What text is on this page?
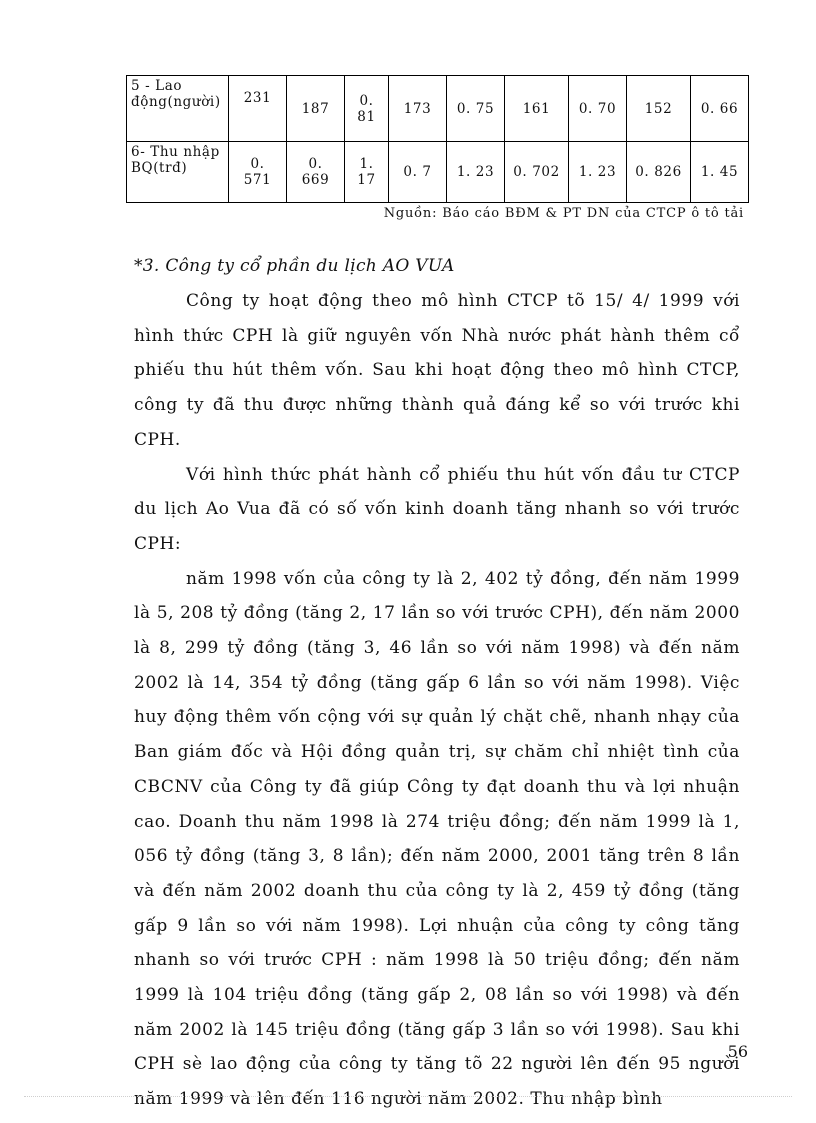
5 - Lao động(người)	231	187	0. 81	173	0. 75	161	0. 70	152	0. 66
6- Thu nhập BQ(trđ)	0. 571	0. 669	1. 17	0. 7	1. 23	0. 702	1. 23	0. 826	1. 45
Nguồn: Báo cáo BĐM & PT DN của CTCP ô tô tải
*3. Công ty cổ phần du lịch AO VUA

Công ty hoạt động theo mô hình CTCP tõ 15/ 4/ 1999 với hình thức CPH là giữ nguyên vốn Nhà nước phát hành thêm cổ phiếu thu hút thêm vốn. Sau khi hoạt động theo mô hình CTCP, công ty đã thu được những thành quả đáng kể so với trước khi CPH.

Với hình thức phát hành cổ phiếu thu hút vốn đầu tư CTCP du lịch Ao Vua đã có số vốn kinh doanh tăng nhanh so với trước CPH:

năm 1998 vốn của công ty là 2, 402 tỷ đồng, đến năm 1999 là 5, 208 tỷ đồng (tăng 2, 17 lần so với trước CPH), đến năm 2000 là 8, 299 tỷ đồng (tăng 3, 46 lần so với năm 1998) và đến năm 2002 là 14, 354 tỷ đồng (tăng gấp 6 lần so với năm 1998). Việc huy động thêm vốn cộng với sự quản lý chặt chẽ, nhanh nhạy của Ban giám đốc và Hội đồng quản trị, sự chăm chỉ nhiệt tình của CBCNV của Công ty đã giúp Công ty đạt doanh thu và lợi nhuận cao. Doanh thu năm 1998 là 274 triệu đồng; đến năm 1999 là 1, 056 tỷ đồng (tăng 3, 8 lần); đến năm 2000, 2001 tăng trên 8 lần và đến năm 2002 doanh thu của công ty là 2, 459 tỷ đồng (tăng gấp 9 lần so với năm 1998). Lợi nhuận của công ty công tăng nhanh so với trước CPH : năm 1998 là 50 triệu đồng; đến năm 1999 là 104 triệu đồng (tăng gấp 2, 08 lần so với 1998) và đến năm 2002 là 145 triệu đồng (tăng gấp 3 lần so với 1998). Sau khi CPH sè lao động của công ty tăng tõ 22 người lên đến 95 người năm 1999 và lên đến 116 người năm 2002. Thu nhập bình

56
